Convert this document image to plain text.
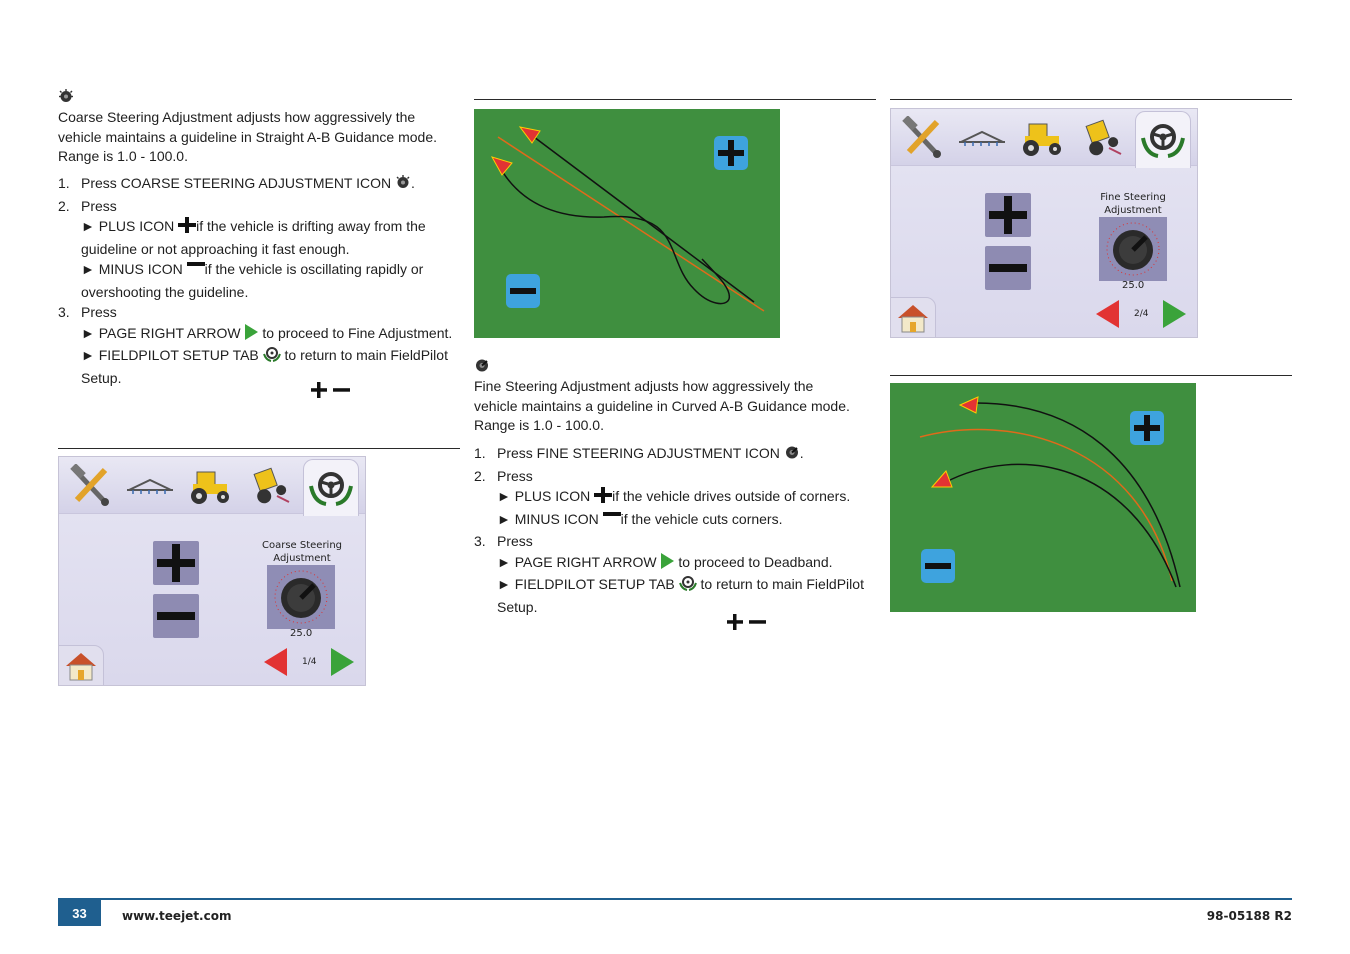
Coarse Steering Adjustment adjusts how aggressively the
vehicle maintains a guideline in Straight A-B Guidance mode.
Range is 1.0 - 100.0.
1. Press COARSE STEERING ADJUSTMENT ICON .
2. Press
► PLUS ICON if the vehicle is drifting away from the
guideline or not approaching it fast enough.
► MINUS ICON if the vehicle is oscillating rapidly or
overshooting the guideline.
3. Press
► PAGE RIGHT ARROW to proceed to Fine Adjustment.
► FIELDPILOT SETUP TAB to return to main FieldPilot
Setup.
Coarse Steering Adjustment
25.0
1/4
Fine Steering Adjustment adjusts how aggressively the
vehicle maintains a guideline in Curved A-B Guidance mode.
Range is 1.0 - 100.0.
1. Press FINE STEERING ADJUSTMENT ICON .
2. Press
► PLUS ICON if the vehicle drives outside of corners.
► MINUS ICON if the vehicle cuts corners.
3. Press
► PAGE RIGHT ARROW to proceed to Deadband.
► FIELDPILOT SETUP TAB to return to main FieldPilot
Setup.
Fine Steering Adjustment
25.0
2/4
33	www.teejet.com	98-05188 R2
